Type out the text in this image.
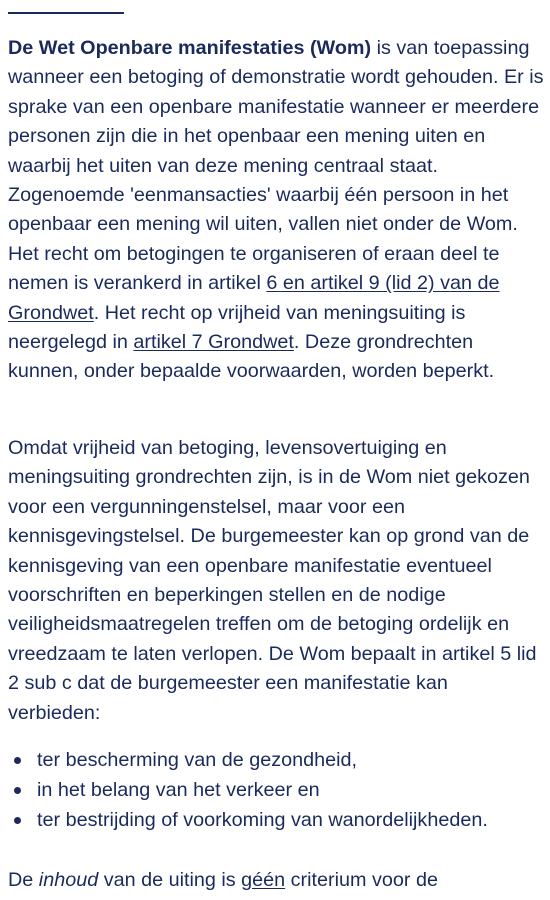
De Wet Openbare manifestaties (Wom) is van toepassing wanneer een betoging of demonstratie wordt gehouden. Er is sprake van een openbare manifestatie wanneer er meerdere personen zijn die in het openbaar een mening uiten en waarbij het uiten van deze mening centraal staat. Zogenoemde 'eenmansacties' waarbij één persoon in het openbaar een mening wil uiten, vallen niet onder de Wom. Het recht om betogingen te organiseren of eraan deel te nemen is verankerd in artikel 6 en artikel 9 (lid 2) van de Grondwet. Het recht op vrijheid van meningsuiting is neergelegd in artikel 7 Grondwet. Deze grondrechten kunnen, onder bepaalde voorwaarden, worden beperkt.

Omdat vrijheid van betoging, levensovertuiging en meningsuiting grondrechten zijn, is in de Wom niet gekozen voor een vergunningenstelsel, maar voor een kennisgevingstelsel. De burgemeester kan op grond van de kennisgeving van een openbare manifestatie eventueel voorschriften en beperkingen stellen en de nodige veiligheidsmaatregelen treffen om de betoging ordelijk en vreedzaam te laten verlopen. De Wom bepaalt in artikel 5 lid 2 sub c dat de burgemeester een manifestatie kan verbieden:

ter bescherming van de gezondheid,
in het belang van het verkeer en
ter bestrijding of voorkoming van wanordelijkheden.

De inhoud van de uiting is géén criterium voor de
